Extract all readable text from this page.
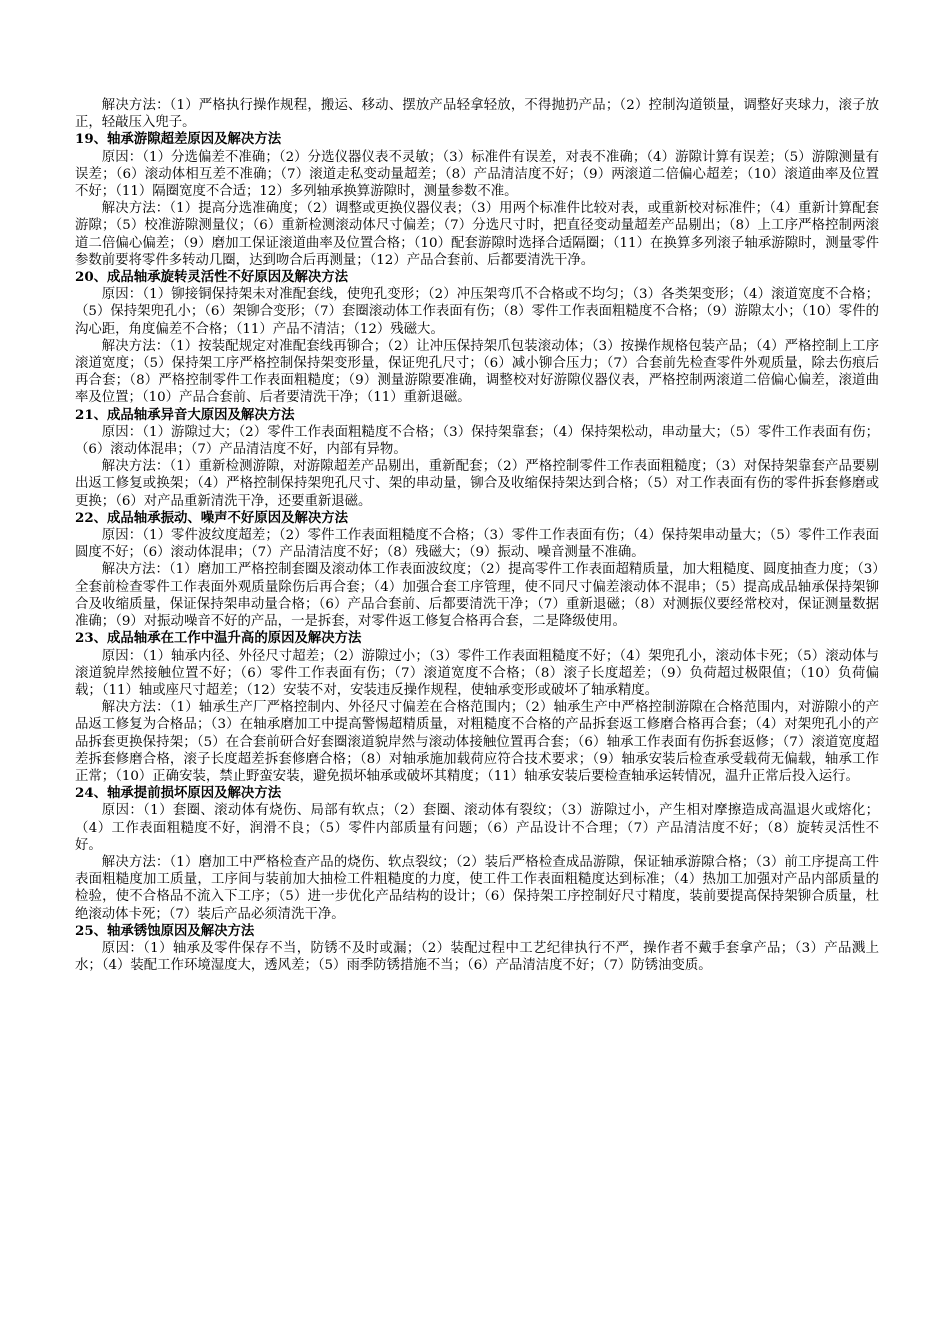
解决方法：（1）严格执行操作规程，搬运、移动、摆放产品轻拿轻放，不得抛扔产品；（2）控制沟道锁量，调整好夹球力，滚子放正，轻敲压入兜子。

19、轴承游隙超差原因及解决方法

原因：（1）分选偏差不准确；（2）分选仪器仪表不灵敏；（3）标准件有误差，对表不准确；（4）游隙计算有误差；（5）游隙测量有误差；（6）滚动体相互差不准确；（7）滚道走私变动量超差；（8）产品清洁度不好；（9）两滚道二倍偏心超差；（10）滚道曲率及位置不好；（11）隔圈宽度不合适；12）多列轴承换算游隙时，测量参数不准。

解决方法：（1）提高分选准确度；（2）调整或更换仪器仪表；（3）用两个标准件比较对表，或重新校对标准件；（4）重新计算配套游隙；（5）校准游隙测量仪；（6）重新检测滚动体尺寸偏差；（7）分选尺寸时，把直径变动量超差产品剔出；（8）上工序严格控制两滚道二倍偏心偏差；（9）磨加工保证滚道曲率及位置合格；（10）配套游隙时选择合适隔圈；（11）在换算多列滚子轴承游隙时，测量零件参数前要将零件多转动几圈，达到吻合后再测量；（12）产品合套前、后都要清洗干净。

20、成品轴承旋转灵活性不好原因及解决方法

原因：（1）铆接铜保持架未对准配套线，使兜孔变形；（2）冲压架弯爪不合格或不均匀；（3）各类架变形；（4）滚道宽度不合格；（5）保持架兜孔小；（6）架铆合变形；（7）套圈滚动体工作表面有伤；（8）零件工作表面粗糙度不合格；（9）游隙太小；（10）零件的沟心距，角度偏差不合格；（11）产品不清洁；（12）残磁大。

解决方法：（1）按装配规定对准配套线再铆合；（2）让冲压保持架爪包装滚动体；（3）按操作规格包装产品；（4）严格控制上工序滚道宽度；（5）保持架工序严格控制保持架变形量，保证兜孔尺寸；（6）减小铆合压力；（7）合套前先检查零件外观质量，除去伤痕后再合套；（8）严格控制零件工作表面粗糙度；（9）测量游隙要准确，调整校对好游隙仪器仪表，严格控制两滚道二倍偏心偏差，滚道曲率及位置；（10）产品合套前、后者要清洗干净；（11）重新退磁。

21、成品轴承异音大原因及解决方法

原因：（1）游隙过大；（2）零件工作表面粗糙度不合格；（3）保持架靠套；（4）保持架松动，串动量大；（5）零件工作表面有伤；（6）滚动体混串；（7）产品清洁度不好，内部有异物。

解决方法：（1）重新检测游隙，对游隙超差产品剔出，重新配套；（2）严格控制零件工作表面粗糙度；（3）对保持架靠套产品要剔出返工修复或换架；（4）严格控制保持架兜孔尺寸、架的串动量，铆合及收缩保持架达到合格；（5）对工作表面有伤的零件拆套修磨或更换；（6）对产品重新清洗干净，还要重新退磁。

22、成品轴承振动、噪声不好原因及解决方法

原因：（1）零件波纹度超差；（2）零件工作表面粗糙度不合格；（3）零件工作表面有伤；（4）保持架串动量大；（5）零件工作表面圆度不好；（6）滚动体混串；（7）产品清洁度不好；（8）残磁大；（9）振动、噪音测量不准确。

解决方法：（1）磨加工严格控制套圈及滚动体工作表面波纹度；（2）提高零件工作表面超精质量，加大粗糙度、圆度抽查力度；（3）全套前检查零件工作表面外观质量除伤后再合套；（4）加强合套工序管理，使不同尺寸偏差滚动体不混串；（5）提高成品轴承保持架铆合及收缩质量，保证保持架串动量合格；（6）产品合套前、后都要清洗干净；（7）重新退磁；（8）对测振仪要经常校对，保证测量数据准确；（9）对振动噪音不好的产品，一是拆套，对零件返工修复合格再合套，二是降级使用。

23、成品轴承在工作中温升高的原因及解决方法

原因：（1）轴承内径、外径尺寸超差；（2）游隙过小；（3）零件工作表面粗糙度不好；（4）架兜孔小，滚动体卡死；（5）滚动体与滚道貌岸然接触位置不好；（6）零件工作表面有伤；（7）滚道宽度不合格；（8）滚子长度超差；（9）负荷超过极限值；（10）负荷偏载；（11）轴或座尺寸超差；（12）安装不对，安装违反操作规程，使轴承变形或破坏了轴承精度。

解决方法：（1）轴承生产厂严格控制内、外径尺寸偏差在合格范围内；（2）轴承生产中严格控制游隙在合格范围内，对游隙小的产品返工修复为合格品；（3）在轴承磨加工中提高警惕超精质量，对粗糙度不合格的产品拆套返工修磨合格再合套；（4）对架兜孔小的产品拆套更换保持架；（5）在合套前研合好套圈滚道貌岸然与滚动体接触位置再合套；（6）轴承工作表面有伤拆套返修；（7）滚道宽度超差拆套修磨合格，滚子长度超差拆套修磨合格；（8）对轴承施加载荷应符合技术要求；（9）轴承安装后检查承受载荷无偏载，轴承工作正常；（10）正确安装，禁止野蛮安装，避免损坏轴承或破坏其精度；（11）轴承安装后要检查轴承运转情况，温升正常后投入运行。

24、轴承提前损坏原因及解决方法

原因：（1）套圈、滚动体有烧伤、局部有软点；（2）套圈、滚动体有裂纹；（3）游隙过小，产生相对摩擦造成高温退火或熔化；（4）工作表面粗糙度不好，润滑不良；（5）零件内部质量有问题；（6）产品设计不合理；（7）产品清洁度不好；（8）旋转灵活性不好。

解决方法：（1）磨加工中严格检查产品的烧伤、软点裂纹；（2）装后严格检查成品游隙，保证轴承游隙合格；（3）前工序提高工件表面粗糙度加工质量，工序间与装前加大抽检工件粗糙度的力度，使工件工作表面粗糙度达到标准；（4）热加工加强对产品内部质量的检验，使不合格品不流入下工序；（5）进一步优化产品结构的设计；（6）保持架工序控制好尺寸精度，装前要提高保持架铆合质量，杜绝滚动体卡死；（7）装后产品必须清洗干净。

25、轴承锈蚀原因及解决方法

原因：（1）轴承及零件保存不当，防锈不及时或漏；（2）装配过程中工艺纪律执行不严，操作者不戴手套拿产品；（3）产品溅上水；（4）装配工作环境湿度大，透风差；（5）雨季防锈措施不当；（6）产品清洁度不好；（7）防锈油变质。
